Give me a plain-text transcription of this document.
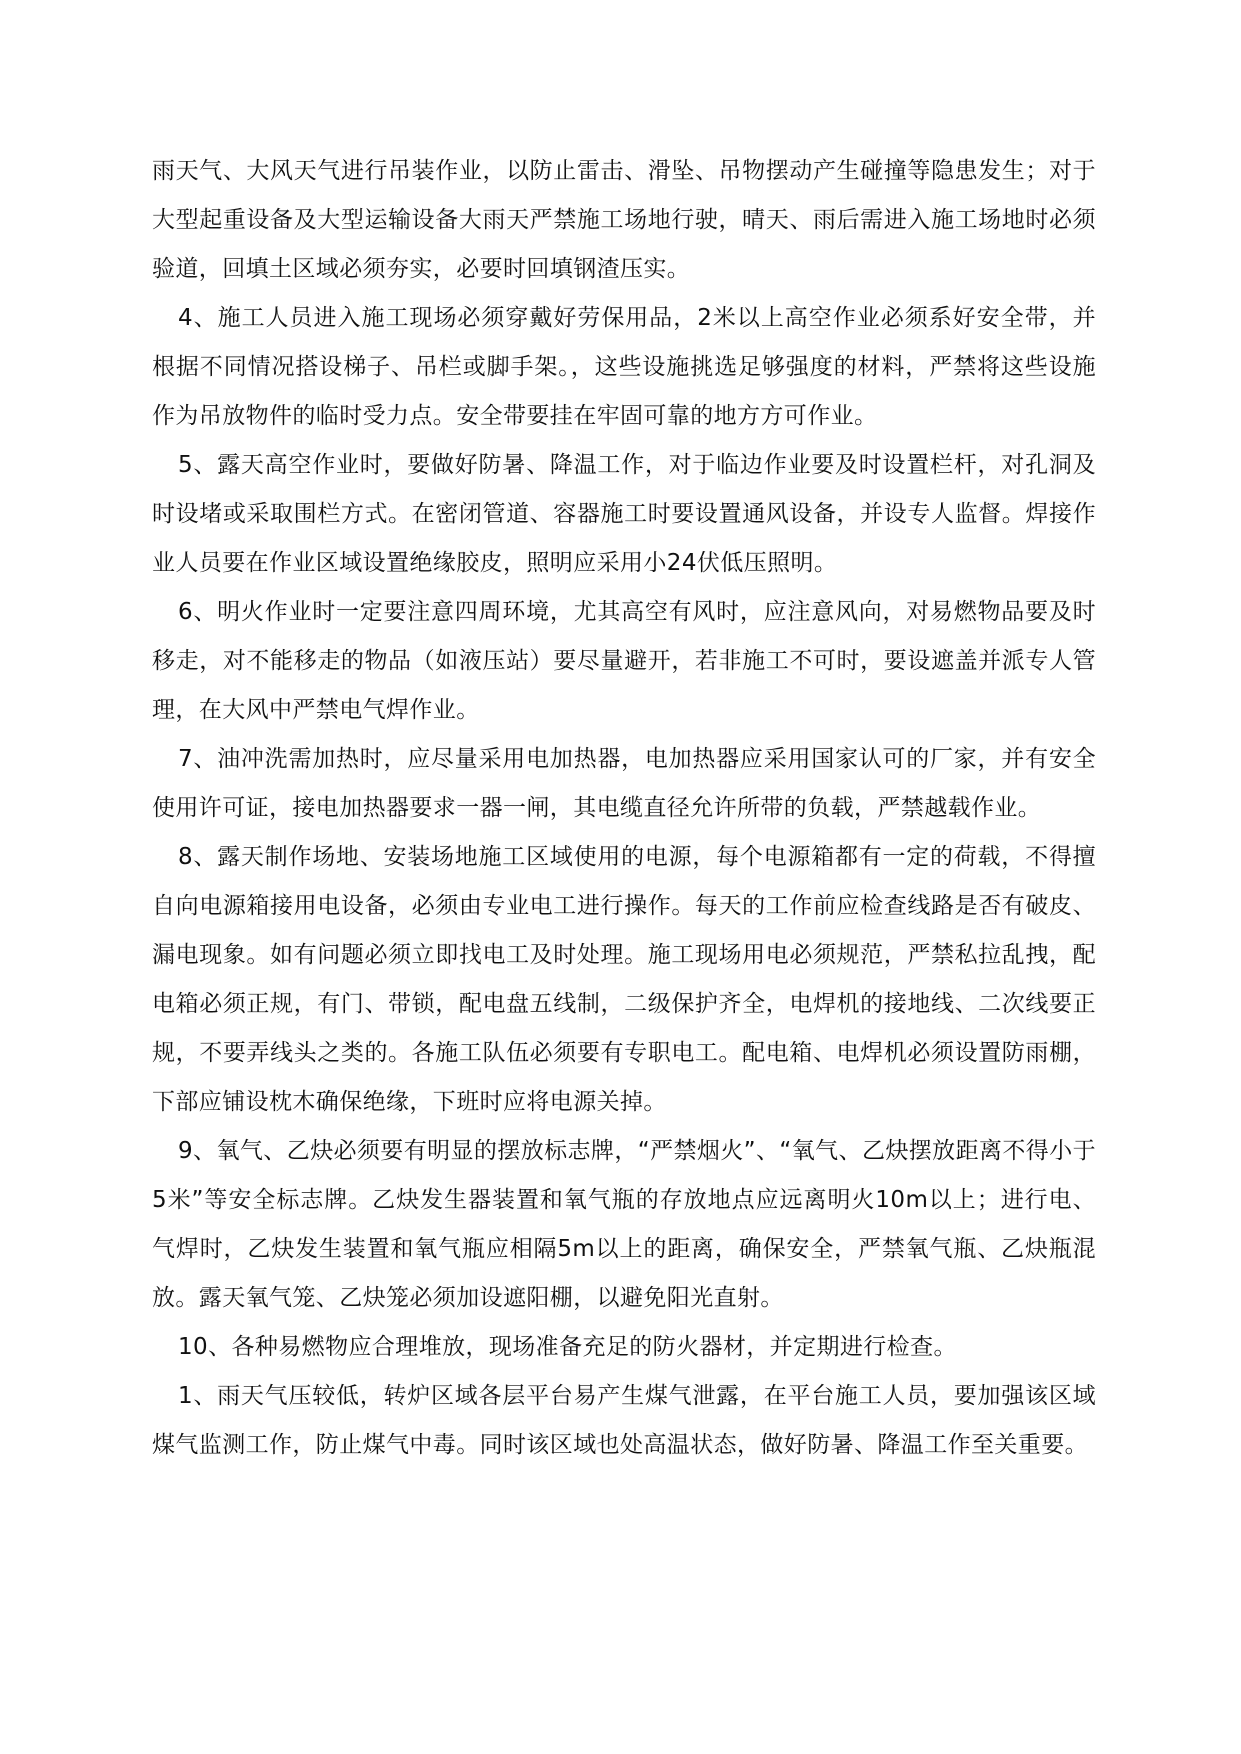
雨天气、大风天气进行吊装作业，以防止雷击、滑坠、吊物摆动产生碰撞等隐患发生；对于大型起重设备及大型运输设备大雨天严禁施工场地行驶，晴天、雨后需进入施工场地时必须验道，回填土区域必须夯实，必要时回填钢渣压实。

4、施工人员进入施工现场必须穿戴好劳保用品，2米以上高空作业必须系好安全带，并根据不同情况搭设梯子、吊栏或脚手架。，这些设施挑选足够强度的材料，严禁将这些设施作为吊放物件的临时受力点。安全带要挂在牢固可靠的地方方可作业。

5、露天高空作业时，要做好防暑、降温工作，对于临边作业要及时设置栏杆，对孔洞及时设堵或采取围栏方式。在密闭管道、容器施工时要设置通风设备，并设专人监督。焊接作业人员要在作业区域设置绝缘胶皮，照明应采用小24伏低压照明。

6、明火作业时一定要注意四周环境，尤其高空有风时，应注意风向，对易燃物品要及时移走，对不能移走的物品（如液压站）要尽量避开，若非施工不可时，要设遮盖并派专人管理，在大风中严禁电气焊作业。

7、油冲洗需加热时，应尽量采用电加热器，电加热器应采用国家认可的厂家，并有安全使用许可证，接电加热器要求一器一闸，其电缆直径允许所带的负载，严禁越载作业。

8、露天制作场地、安装场地施工区域使用的电源，每个电源箱都有一定的荷载，不得擅自向电源箱接用电设备，必须由专业电工进行操作。每天的工作前应检查线路是否有破皮、漏电现象。如有问题必须立即找电工及时处理。施工现场用电必须规范，严禁私拉乱拽，配电箱必须正规，有门、带锁，配电盘五线制，二级保护齐全，电焊机的接地线、二次线要正规，不要弄线头之类的。各施工队伍必须要有专职电工。配电箱、电焊机必须设置防雨棚，下部应铺设枕木确保绝缘，下班时应将电源关掉。

9、氧气、乙炔必须要有明显的摆放标志牌，“严禁烟火”、“氧气、乙炔摆放距离不得小于5米”等安全标志牌。乙炔发生器装置和氧气瓶的存放地点应远离明火10m以上；进行电、气焊时，乙炔发生装置和氧气瓶应相隔5m以上的距离，确保安全，严禁氧气瓶、乙炔瓶混放。露天氧气笼、乙炔笼必须加设遮阳棚，以避免阳光直射。

10、各种易燃物应合理堆放，现场准备充足的防火器材，并定期进行检查。

1、雨天气压较低，转炉区域各层平台易产生煤气泄露，在平台施工人员，要加强该区域煤气监测工作，防止煤气中毒。同时该区域也处高温状态，做好防暑、降温工作至关重要。
